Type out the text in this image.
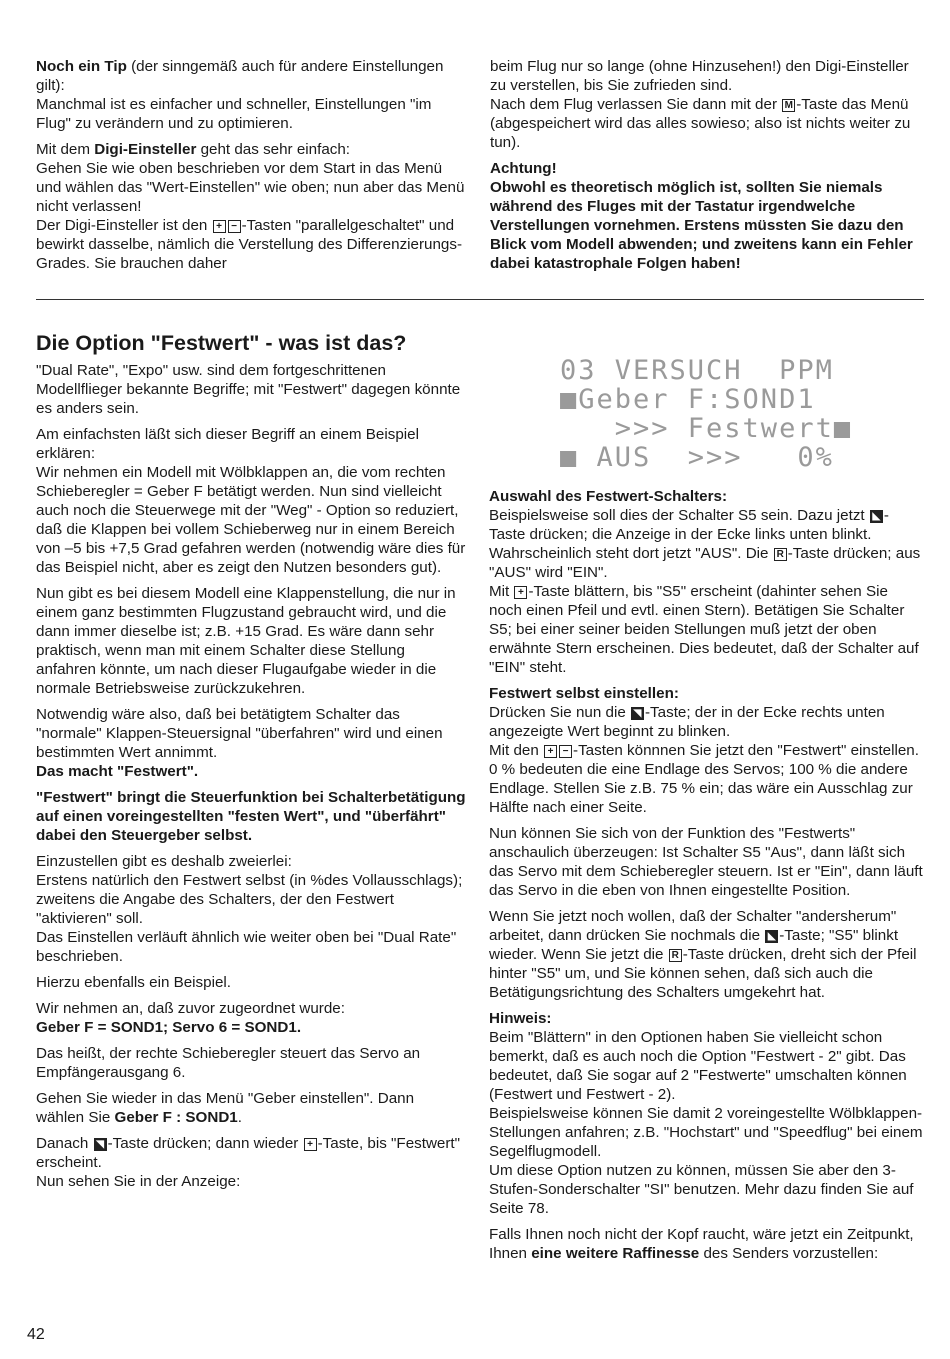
Noch ein Tip (der sinngemäß auch für andere Einstellungen gilt):

Manchmal ist es einfacher und schneller, Einstellungen "im Flug" zu verändern und zu optimieren.

Mit dem Digi-Einsteller geht das sehr einfach:

Gehen Sie wie oben beschrieben vor dem Start in das Menü und wählen das "Wert-Einstellen" wie oben; nun aber das Menü nicht verlassen!

Der Digi-Einsteller ist den + − -Tasten "parallelgeschaltet" und bewirkt dasselbe, nämlich die Verstellung des Differenzierungs-Grades. Sie brauchen daher

beim Flug nur so lange (ohne Hinzusehen!) den Digi-Einsteller zu verstellen, bis Sie zufrieden sind.

Nach dem Flug verlassen Sie dann mit der M -Taste das Menü (abgespeichert wird das alles sowieso; also ist nichts weiter zu tun).

Achtung!

Obwohl es theoretisch möglich ist, sollten Sie niemals während des Fluges mit der Tastatur irgendwelche Verstellungen vornehmen. Erstens müssten Sie dazu den Blick vom Modell abwenden; und zweitens kann ein Fehler dabei katastrophale Folgen haben!

Die Option "Festwert" - was ist das?

"Dual Rate", "Expo" usw. sind dem fortgeschrittenen Modellflieger bekannte Begriffe; mit "Festwert" dagegen könnte es anders sein.

Am einfachsten läßt sich dieser Begriff an einem Beispiel erklären:

Wir nehmen ein Modell mit Wölbklappen an, die vom rechten Schieberegler = Geber F betätigt werden. Nun sind vielleicht auch noch die Steuerwege mit der "Weg" - Option so reduziert, daß die Klappen bei vollem Schieberweg nur in einem Bereich von –5 bis +7,5 Grad gefahren werden (notwendig wäre dies für das Beispiel nicht, aber es zeigt den Nutzen besonders gut).

Nun gibt es bei diesem Modell eine Klappenstellung, die nur in einem ganz bestimmten Flugzustand gebraucht wird, und die dann immer dieselbe ist; z.B. +15 Grad. Es wäre dann sehr praktisch, wenn man mit einem Schalter diese Stellung anfahren könnte, um nach dieser Flugaufgabe wieder in die normale Betriebsweise zurückzukehren.

Notwendig wäre also, daß bei betätigtem Schalter das "normale" Klappen-Steuersignal "überfahren" wird und einen bestimmten Wert annimmt.

Das macht "Festwert".

"Festwert" bringt die Steuerfunktion bei Schalterbetätigung auf einen voreingestellten "festen Wert", und "überfährt" dabei den Steuergeber selbst.

Einzustellen gibt es deshalb zweierlei:

Erstens natürlich den Festwert selbst (in %des Vollausschlags);

zweitens die Angabe des Schalters, der den Festwert "aktivieren" soll.

Das Einstellen verläuft ähnlich wie weiter oben bei "Dual Rate" beschrieben.

Hierzu ebenfalls ein Beispiel.

Wir nehmen an, daß zuvor zugeordnet wurde:

Geber F = SOND1; Servo 6 = SOND1.

Das heißt, der rechte Schieberegler steuert das Servo an Empfängerausgang 6.

Gehen Sie wieder in das Menü "Geber einstellen". Dann wählen Sie Geber F : SOND1.

Danach ◥ -Taste drücken; dann wieder + -Taste, bis "Festwert" erscheint.

Nun sehen Sie in der Anzeige:

03 VERSUCH  PPM
■Geber F:SOND1
>>> Festwert■
■ AUS  >>>   0%

Auswahl des Festwert-Schalters:

Beispielsweise soll dies der Schalter S5 sein. Dazu jetzt ◣ -Taste drücken; die Anzeige in der Ecke links unten blinkt. Wahrscheinlich steht dort jetzt "AUS". Die R -Taste drücken; aus "AUS" wird "EIN".

Mit + -Taste blättern, bis "S5" erscheint (dahinter sehen Sie noch einen Pfeil und evtl. einen Stern). Betätigen Sie Schalter S5; bei einer seiner beiden Stellungen muß jetzt der oben erwähnte Stern erscheinen. Dies bedeutet, daß der Schalter auf "EIN" steht.

Festwert selbst einstellen:

Drücken Sie nun die ◥ -Taste; der in der Ecke rechts unten angezeigte Wert beginnt zu blinken.

Mit den + − -Tasten könnnen Sie jetzt den "Festwert" einstellen. 0 % bedeuten die eine Endlage des Servos; 100 % die andere Endlage. Stellen Sie z.B. 75 % ein; das wäre ein Ausschlag zur Hälfte nach einer Seite.

Nun können Sie sich von der Funktion des "Festwerts" anschaulich überzeugen: Ist Schalter S5 "Aus", dann läßt sich das Servo mit dem Schieberegler steuern. Ist er "Ein", dann läuft das Servo in die eben von Ihnen eingestellte Position.

Wenn Sie jetzt noch wollen, daß der Schalter "andersherum" arbeitet, dann drücken Sie nochmals die ◣ -Taste; "S5" blinkt wieder. Wenn Sie jetzt die R -Taste drücken, dreht sich der Pfeil hinter "S5" um, und Sie können sehen, daß sich auch die Betätigungsrichtung des Schalters umgekehrt hat.

Hinweis:

Beim "Blättern" in den Optionen haben Sie vielleicht schon bemerkt, daß es auch noch die Option "Festwert - 2" gibt. Das bedeutet, daß Sie sogar auf 2 "Festwerte" umschalten können (Festwert und Festwert - 2).

Beispielsweise können Sie damit 2 voreingestellte Wölbklappen-Stellungen anfahren; z.B. "Hochstart" und "Speedflug" bei einem Segelflugmodell.

Um diese Option nutzen zu können, müssen Sie aber den 3-Stufen-Sonderschalter "SI" benutzen. Mehr dazu finden Sie auf Seite 78.

Falls Ihnen noch nicht der Kopf raucht, wäre jetzt ein Zeitpunkt, Ihnen eine weitere Raffinesse des Senders vorzustellen:

42
